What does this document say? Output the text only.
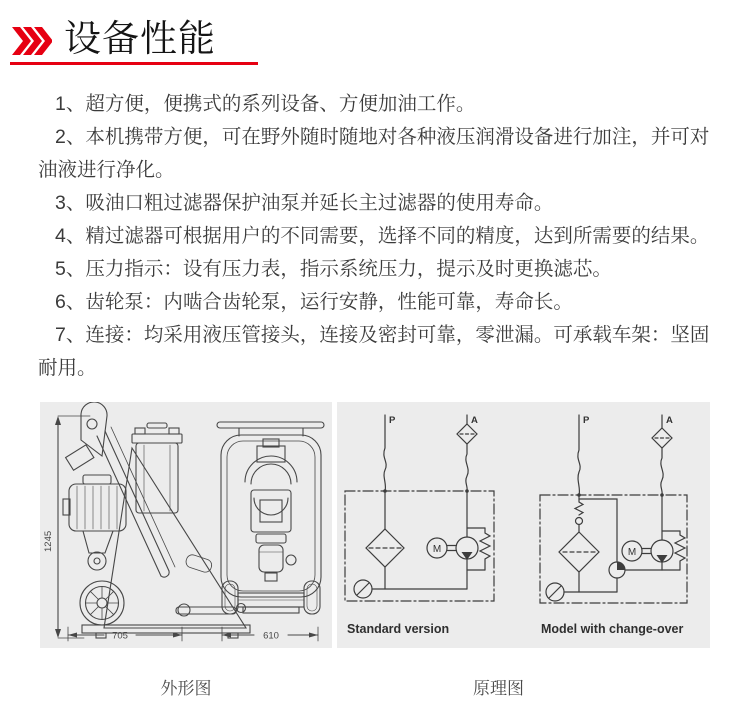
设备性能

1、超方便，便携式的系列设备、方便加油工作。

2、本机携带方便，可在野外随时随地对各种液压润滑设备进行加注，并可对油液进行净化。

3、吸油口粗过滤器保护油泵并延长主过滤器的使用寿命。

4、精过滤器可根据用户的不同需要，选择不同的精度，达到所需要的结果。

5、压力指示：设有压力表，指示系统压力，提示及时更换滤芯。

6、齿轮泵：内啮合齿轮泵，运行安静，性能可靠，寿命长。

7、连接：均采用液压管接头，连接及密封可靠，零泄漏。可承载车架：坚固耐用。

1245
705	610
P	A
M
P	A
M
Standard version	Model with change-over
外形图	原理图
